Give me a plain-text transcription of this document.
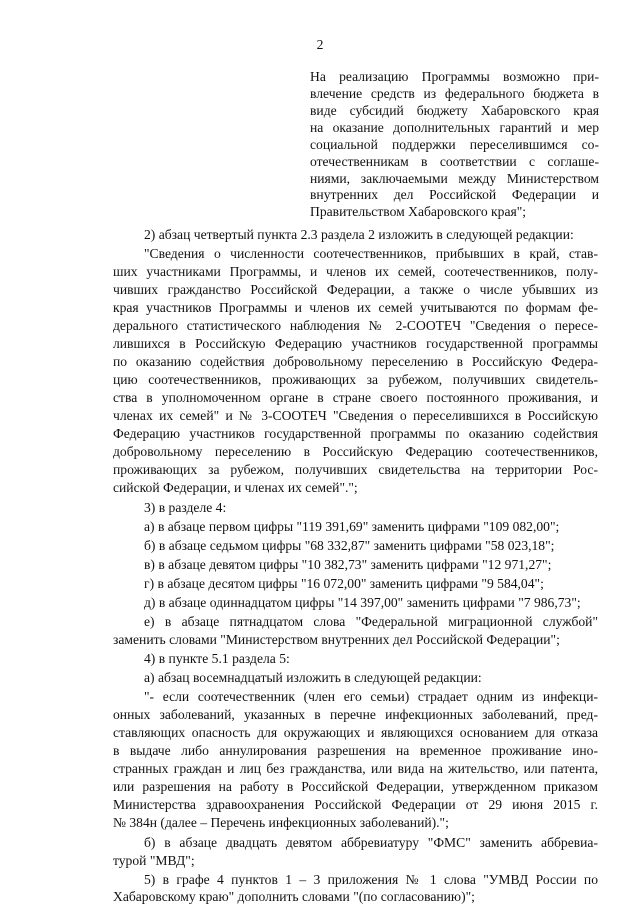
2
На реализацию Программы возможно при-
влечение средств из федерального бюджета в
виде субсидий бюджету Хабаровского края
на оказание дополнительных гарантий и мер
социальной поддержки переселившимся со-
отечественникам в соответствии с соглаше-
ниями, заключаемыми между Министерством
внутренних дел Российской Федерации и
Правительством Хабаровского края";
2) абзац четвертый пункта 2.3 раздела 2 изложить в следующей редакции:
"Сведения о численности соотечественников, прибывших в край, став-
ших участниками Программы, и членов их семей, соотечественников, полу-
чивших гражданство Российской Федерации, а также о числе убывших из
края участников Программы и членов их семей учитываются по формам фе-
дерального статистического наблюдения № 2-СООТЕЧ "Сведения о пересе-
лившихся в Российскую Федерацию участников государственной программы
по оказанию содействия добровольному переселению в Российскую Федера-
цию соотечественников, проживающих за рубежом, получивших свидетель-
ства в уполномоченном органе в стране своего постоянного проживания, и
членах их семей" и № 3-СООТЕЧ "Сведения о переселившихся в Российскую
Федерацию участников государственной программы по оказанию содействия
добровольному переселению в Российскую Федерацию соотечественников,
проживающих за рубежом, получивших свидетельства на территории Рос-
сийской Федерации, и членах их семей".";
3) в разделе 4:
а) в абзаце первом цифры "119 391,69" заменить цифрами "109 082,00";
б) в абзаце седьмом цифры "68 332,87" заменить цифрами "58 023,18";
в) в абзаце девятом цифры "10 382,73" заменить цифрами "12 971,27";
г) в абзаце десятом цифры "16 072,00" заменить цифрами "9 584,04";
д) в абзаце одиннадцатом цифры "14 397,00" заменить цифрами "7 986,73";
е) в абзаце пятнадцатом слова "Федеральной миграционной службой"
заменить словами "Министерством внутренних дел Российской Федерации";
4) в пункте 5.1 раздела 5:
а) абзац восемнадцатый изложить в следующей редакции:
"- если соотечественник (член его семьи) страдает одним из инфекци-
онных заболеваний, указанных в перечне инфекционных заболеваний, пред-
ставляющих опасность для окружающих и являющихся основанием для отказа
в выдаче либо аннулирования разрешения на временное проживание ино-
странных граждан и лиц без гражданства, или вида на жительство, или патента,
или разрешения на работу в Российской Федерации, утвержденном приказом
Министерства здравоохранения Российской Федерации от 29 июня 2015 г.
№ 384н (далее – Перечень инфекционных заболеваний).";
б) в абзаце двадцать девятом аббревиатуру "ФМС" заменить аббревиа-
турой "МВД";
5) в графе 4 пунктов 1 – 3 приложения № 1 слова "УМВД России по
Хабаровскому краю" дополнить словами "(по согласованию)";
